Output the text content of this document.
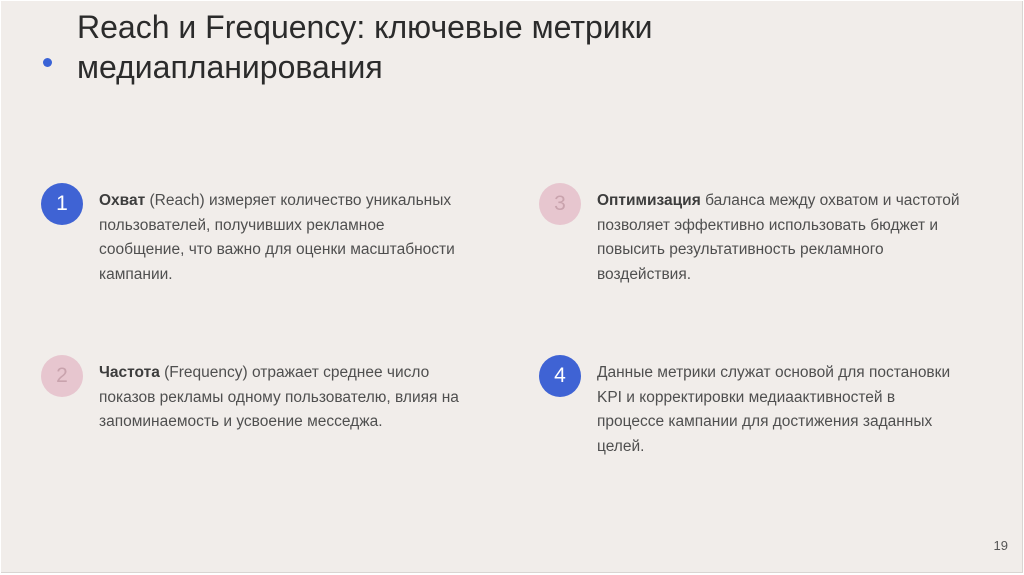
Reach и Frequency: ключевые метрики
медиапланирования
1	Охват (Reach) измеряет количество уникальных пользователей, получивших рекламное сообщение, что важно для оценки масштабности кампании.

2	Частота (Frequency) отражает среднее число показов рекламы одному пользователю, влияя на запоминаемость и усвоение месседжа.

3	Оптимизация баланса между охватом и частотой позволяет эффективно использовать бюджет и повысить результативность рекламного воздействия.

4	Данные метрики служат основой для постановки KPI и корректировки медиаактивностей в процессе кампании для достижения заданных целей.

19
